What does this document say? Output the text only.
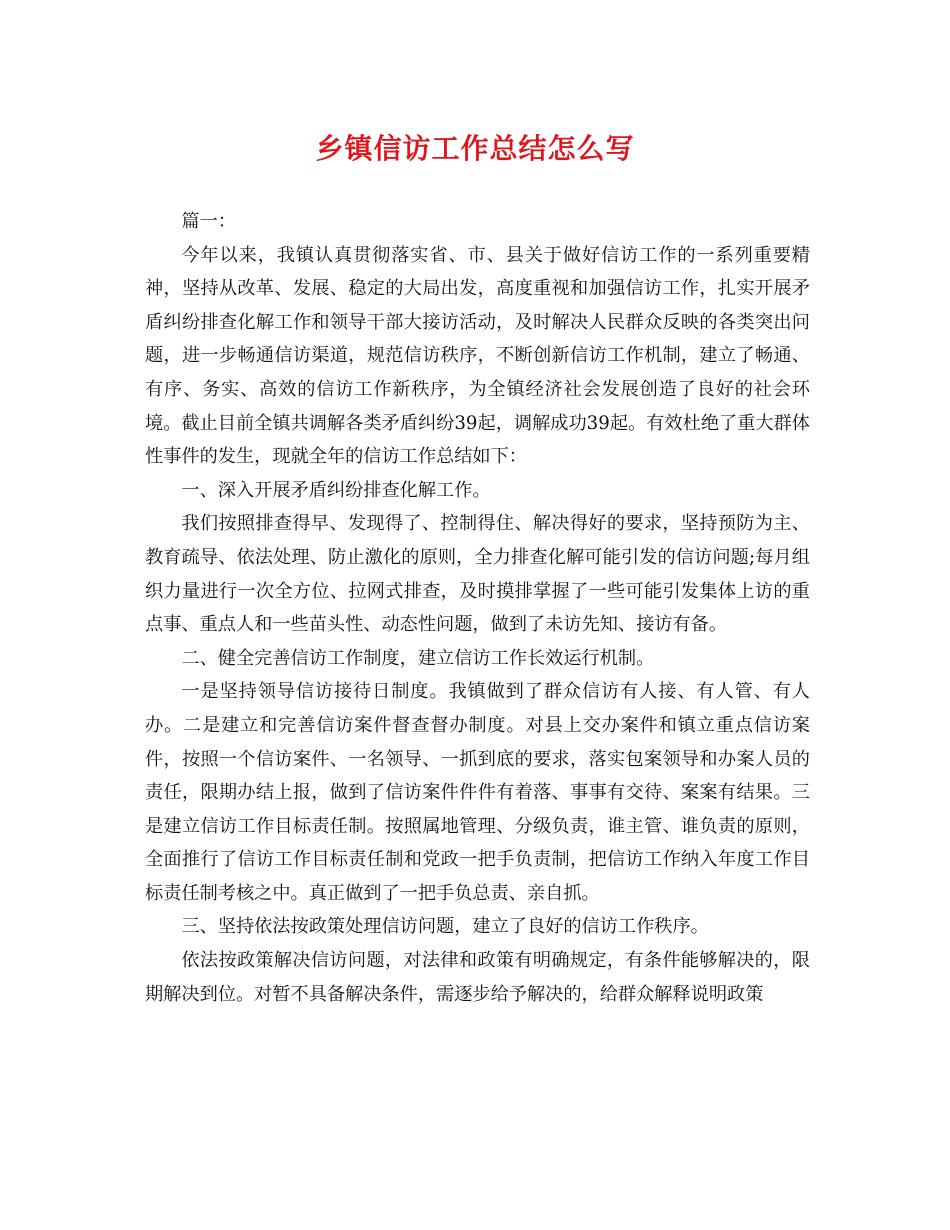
乡镇信访工作总结怎么写

篇一：

今年以来，我镇认真贯彻落实省、市、县关于做好信访工作的一系列重要精神，坚持从改革、发展、稳定的大局出发，高度重视和加强信访工作，扎实开展矛盾纠纷排查化解工作和领导干部大接访活动，及时解决人民群众反映的各类突出问题，进一步畅通信访渠道，规范信访秩序，不断创新信访工作机制，建立了畅通、有序、务实、高效的信访工作新秩序，为全镇经济社会发展创造了良好的社会环境。截止目前全镇共调解各类矛盾纠纷39起，调解成功39起。有效杜绝了重大群体性事件的发生，现就全年的信访工作总结如下：

一、深入开展矛盾纠纷排查化解工作。

我们按照排查得早、发现得了、控制得住、解决得好的要求，坚持预防为主、教育疏导、依法处理、防止激化的原则，全力排查化解可能引发的信访问题;每月组织力量进行一次全方位、拉网式排查，及时摸排掌握了一些可能引发集体上访的重点事、重点人和一些苗头性、动态性问题，做到了未访先知、接访有备。

二、健全完善信访工作制度，建立信访工作长效运行机制。

一是坚持领导信访接待日制度。我镇做到了群众信访有人接、有人管、有人办。二是建立和完善信访案件督查督办制度。对县上交办案件和镇立重点信访案件，按照一个信访案件、一名领导、一抓到底的要求，落实包案领导和办案人员的责任，限期办结上报，做到了信访案件件件有着落、事事有交待、案案有结果。三是建立信访工作目标责任制。按照属地管理、分级负责，谁主管、谁负责的原则，全面推行了信访工作目标责任制和党政一把手负责制，把信访工作纳入年度工作目标责任制考核之中。真正做到了一把手负总责、亲自抓。

三、坚持依法按政策处理信访问题，建立了良好的信访工作秩序。

依法按政策解决信访问题，对法律和政策有明确规定，有条件能够解决的，限期解决到位。对暂不具备解决条件，需逐步给予解决的，给群众解释说明政策
